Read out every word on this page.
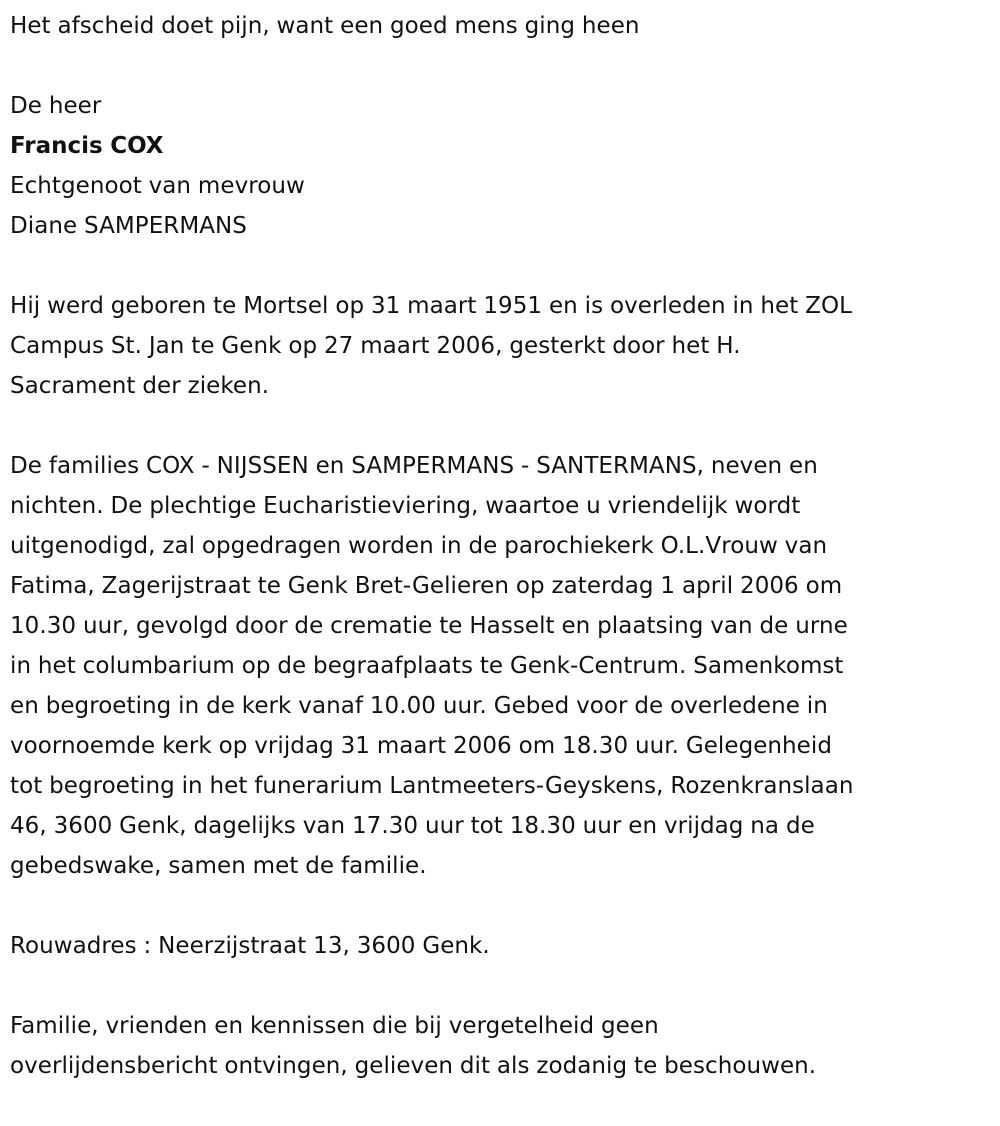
Het afscheid doet pijn, want een goed mens ging heen

De heer

Francis COX

Echtgenoot van mevrouw

Diane SAMPERMANS

Hij werd geboren te Mortsel op 31 maart 1951 en is overleden in het ZOL

Campus St. Jan te Genk op 27 maart 2006, gesterkt door het H.

Sacrament der zieken.

De families COX - NIJSSEN en SAMPERMANS - SANTERMANS, neven en

nichten. De plechtige Eucharistieviering, waartoe u vriendelijk wordt

uitgenodigd, zal opgedragen worden in de parochiekerk O.L.Vrouw van

Fatima, Zagerijstraat te Genk Bret-Gelieren op zaterdag 1 april 2006 om

10.30 uur, gevolgd door de crematie te Hasselt en plaatsing van de urne

in het columbarium op de begraafplaats te Genk-Centrum. Samenkomst

en begroeting in de kerk vanaf 10.00 uur. Gebed voor de overledene in

voornoemde kerk op vrijdag 31 maart 2006 om 18.30 uur. Gelegenheid

tot begroeting in het funerarium Lantmeeters-Geyskens, Rozenkranslaan

46, 3600 Genk, dagelijks van 17.30 uur tot 18.30 uur en vrijdag na de

gebedswake, samen met de familie.

Rouwadres : Neerzijstraat 13, 3600 Genk.

Familie, vrienden en kennissen die bij vergetelheid geen

overlijdensbericht ontvingen, gelieven dit als zodanig te beschouwen.
